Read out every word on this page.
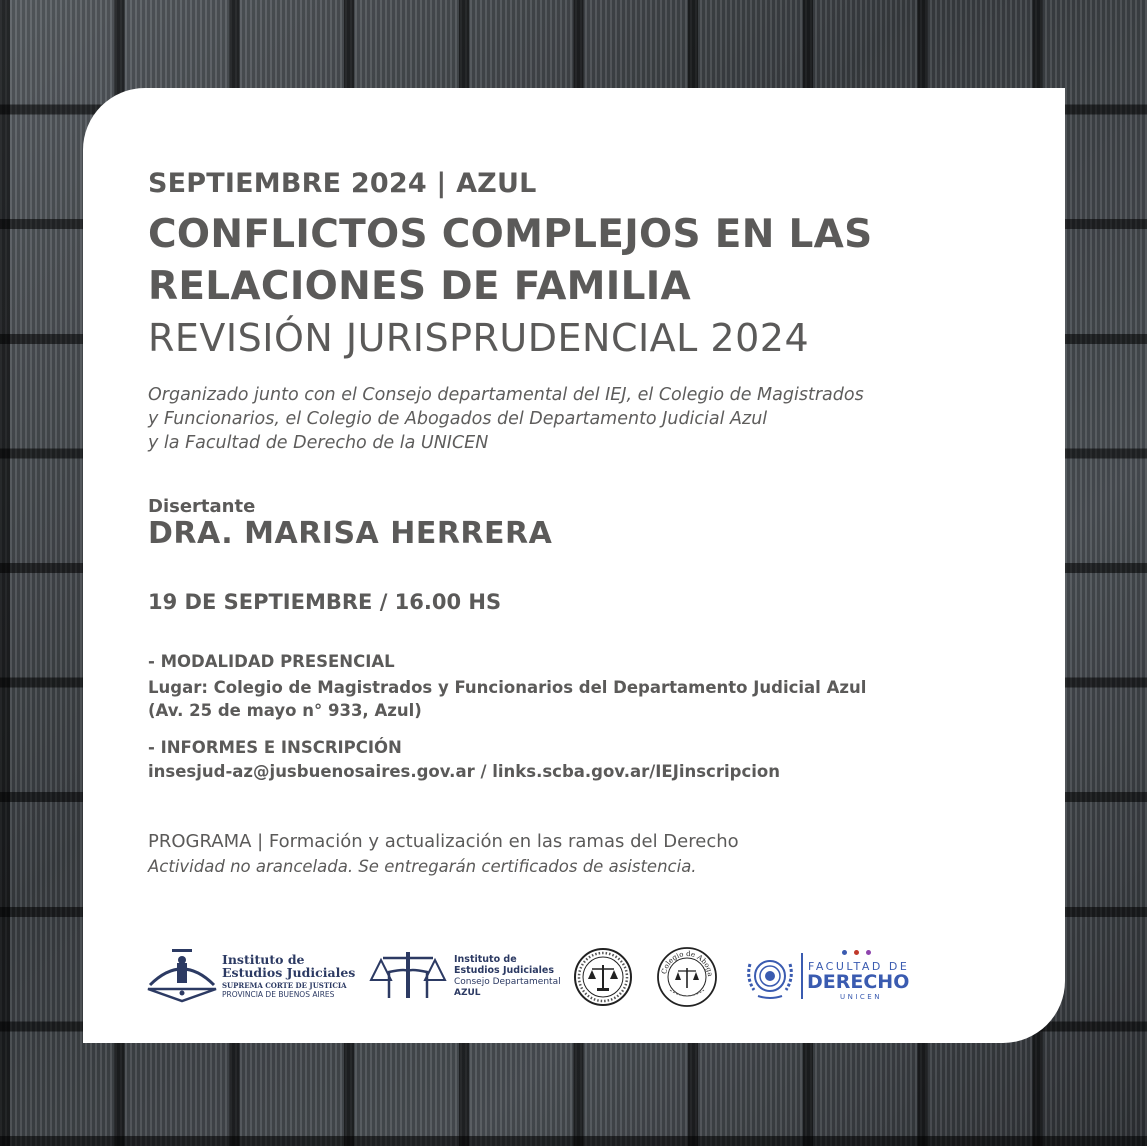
SEPTIEMBRE 2024 | AZUL

CONFLICTOS COMPLEJOS EN LAS
RELACIONES DE FAMILIA

REVISIÓN JURISPRUDENCIAL 2024

Organizado junto con el Consejo departamental del IEJ, el Colegio de Magistrados
y Funcionarios, el Colegio de Abogados del Departamento Judicial Azul
y la Facultad de Derecho de la UNICEN

Disertante

DRA. MARISA HERRERA

19 DE SEPTIEMBRE / 16.00 HS

- MODALIDAD PRESENCIAL

Lugar: Colegio de Magistrados y Funcionarios del Departamento Judicial Azul
(Av. 25 de mayo n° 933, Azul)

- INFORMES E INSCRIPCIÓN

insesjud-az@jusbuenosaires.gov.ar / links.scba.gov.ar/IEJinscripcion

PROGRAMA | Formación y actualización en las ramas del Derecho

Actividad no arancelada. Se entregarán certificados de asistencia.

Instituto de
Estudios Judiciales
SUPREMA CORTE DE JUSTICIA
PROVINCIA DE BUENOS AIRES
Instituto de
Estudios Judiciales
Consejo Departamental
AZUL
Colegio de Aboga
FACULTAD DE
DERECHO
UNICEN
